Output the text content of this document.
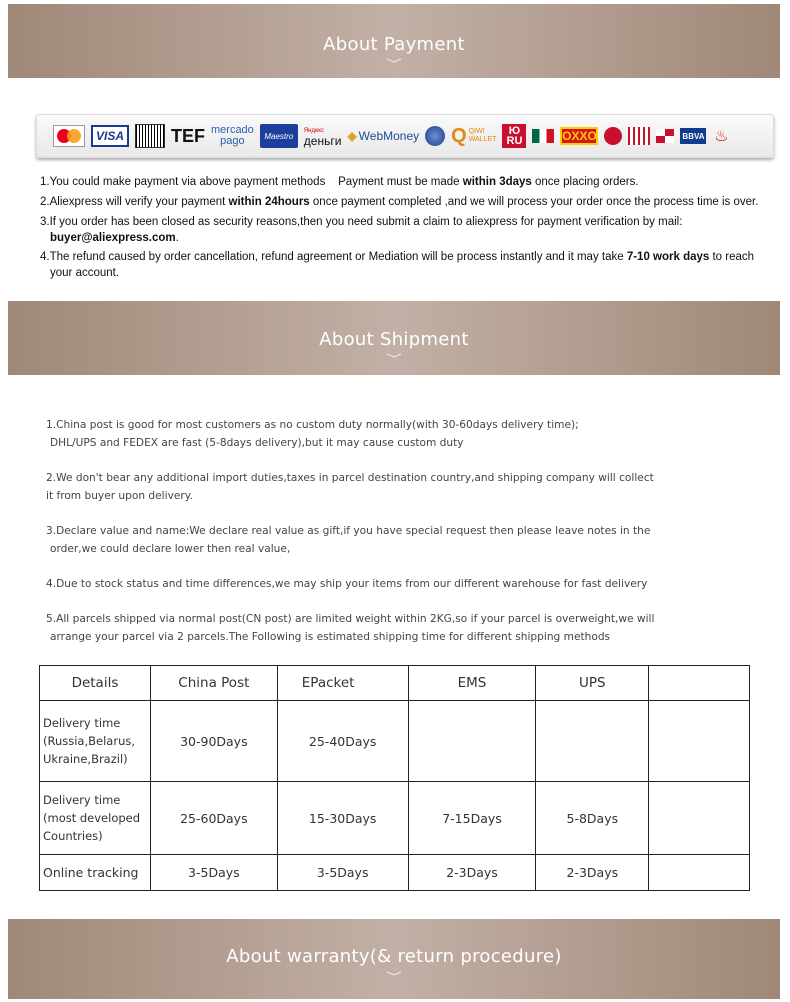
About Payment
VISA	TEF mercado
pago	Maestro
Яндекс
деньги ◈ WebMoney Q QIWI
WALLET
Ю
RU	OXXO	BBVA ♨

1.You could make payment via above payment methods Payment must be made within 3days once placing orders.

2.Aliexpress will verify your payment within 24hours once payment completed ,and we will process your order once the process time is over.

3.If you order has been closed as security reasons,then you need submit a claim to aliexpress for payment verification by mail:

buyer@aliexpress.com.

4.The refund caused by order cancellation, refund agreement or Mediation will be process instantly and it may take 7-10 work days to reach

your account.

About Shipment

1.China post is good for most customers as no custom duty normally(with 30-60days delivery time);
DHL/UPS and FEDEX are fast (5-8days delivery),but it may cause custom duty

2.We don't bear any additional import duties,taxes in parcel destination country,and shipping company will collect
it from buyer upon delivery.

3.Declare value and name:We declare real value as gift,if you have special request then please leave notes in the
order,we could declare lower then real value,

4.Due to stock status and time differences,we may ship your items from our different warehouse for fast delivery

5.All parcels shipped via normal post(CN post) are limited weight within 2KG,so if your parcel is overweight,we will
arrange your parcel via 2 parcels.The Following is estimated shipping time for different shipping methods

Details	China Post	EPacket	EMS	UPS	
Delivery time
(Russia,Belarus,
Ukraine,Brazil)	30-90Days	25-40Days			
Delivery time
(most developed
Countries)	25-60Days	15-30Days	7-15Days	5-8Days	
Online tracking	3-5Days	3-5Days	2-3Days	2-3Days	
About warranty(& return procedure)
